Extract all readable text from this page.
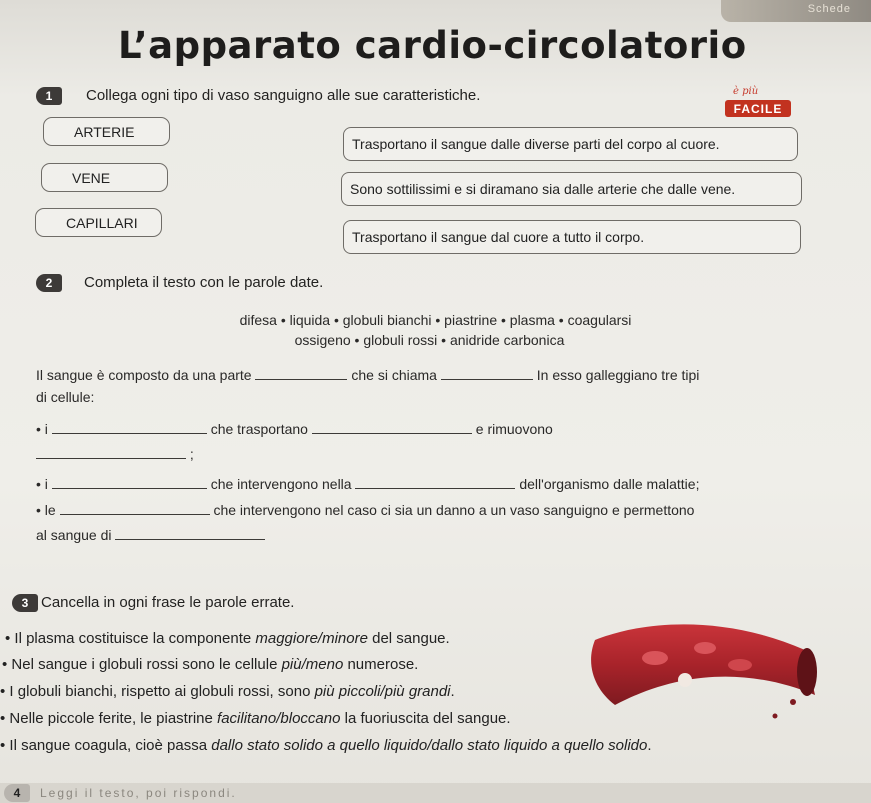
Schede
L’apparato cardio-circolatorio
1	Collega ogni tipo di vaso sanguigno alle sue caratteristiche.	è più
FACILE
ARTERIE
VENE
CAPILLARI
Trasportano il sangue dalle diverse parti del corpo al cuore.
Sono sottilissimi e si diramano sia dalle arterie che dalle vene.
Trasportano il sangue dal cuore a tutto il corpo.
2	Completa il testo con le parole date.
difesa • liquida • globuli bianchi • piastrine • plasma • coagularsi
ossigeno • globuli rossi • anidride carbonica
Il sangue è composto da una parte	che si chiama	In esso galleggiano tre tipi
di cellule:
• i	che trasportano	e rimuovono
;
• i	che intervengono nella	dell'organismo dalle malattie;
• le	che intervengono nel caso ci sia un danno a un vaso sanguigno e permettono
al sangue di
3 Cancella in ogni frase le parole errate.
• Il plasma costituisce la componente maggiore/minore del sangue.
• Nel sangue i globuli rossi sono le cellule più/meno numerose.
• I globuli bianchi, rispetto ai globuli rossi, sono più piccoli/più grandi.
• Nelle piccole ferite, le piastrine facilitano/bloccano la fuoriuscita del sangue.
• Il sangue coagula, cioè passa dallo stato solido a quello liquido/dallo stato liquido a quello solido.
4	Leggi il testo, poi rispondi.
